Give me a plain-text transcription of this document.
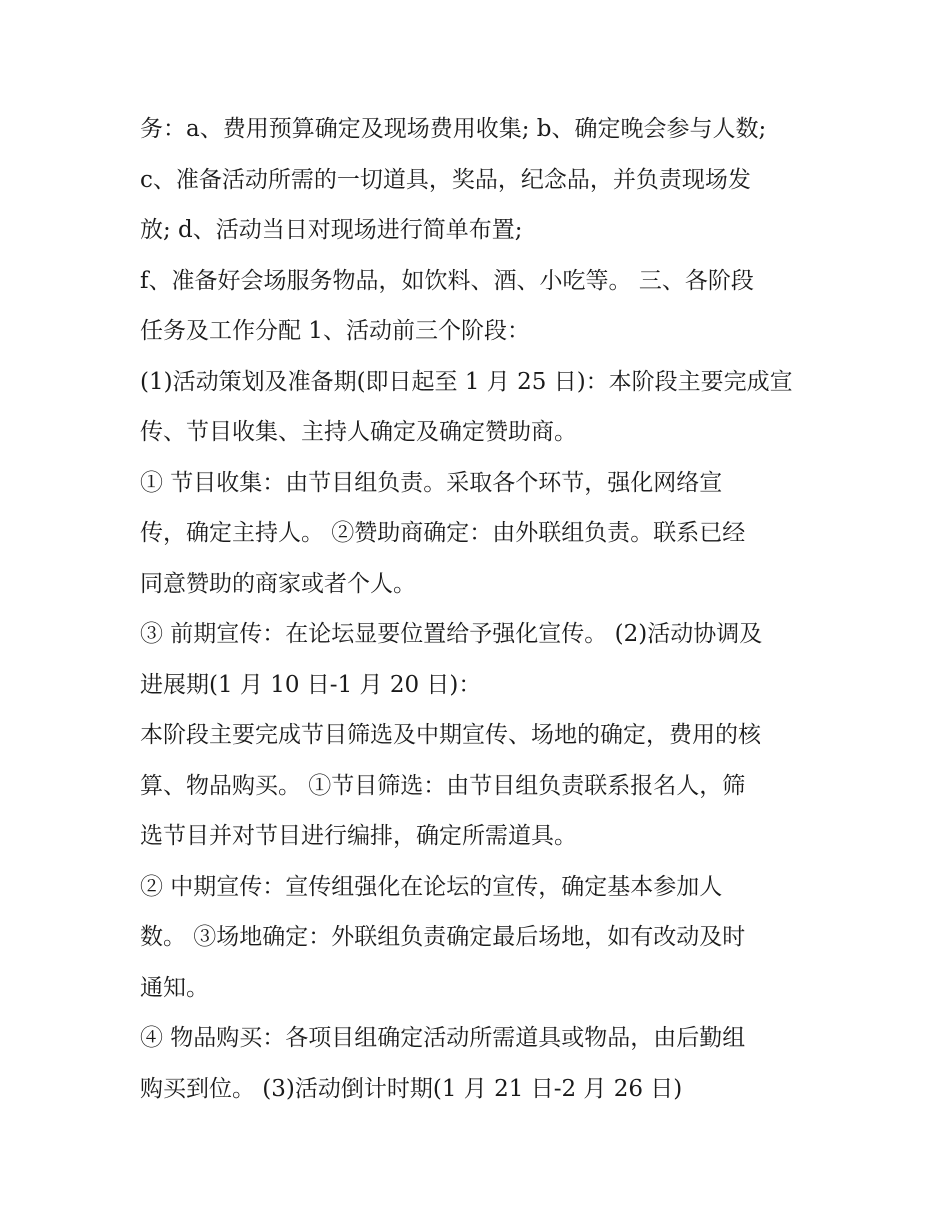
务：a、费用预算确定及现场费用收集; b、确定晚会参与人数;
c、准备活动所需的一切道具，奖品，纪念品，并负责现场发
放; d、活动当日对现场进行简单布置;
f、准备好会场服务物品，如饮料、酒、小吃等。 三、各阶段
任务及工作分配 1、活动前三个阶段：
(1)活动策划及准备期(即日起至 1 月 25 日)：本阶段主要完成宣
传、节目收集、主持人确定及确定赞助商。
① 节目收集：由节目组负责。采取各个环节，强化网络宣
传，确定主持人。 ②赞助商确定：由外联组负责。联系已经
同意赞助的商家或者个人。
③ 前期宣传：在论坛显要位置给予强化宣传。 (2)活动协调及
进展期(1 月 10 日-1 月 20 日)：
本阶段主要完成节目筛选及中期宣传、场地的确定，费用的核
算、物品购买。 ①节目筛选：由节目组负责联系报名人，筛
选节目并对节目进行编排，确定所需道具。
② 中期宣传：宣传组强化在论坛的宣传，确定基本参加人
数。 ③场地确定：外联组负责确定最后场地，如有改动及时
通知。
④ 物品购买：各项目组确定活动所需道具或物品，由后勤组
购买到位。 (3)活动倒计时期(1 月 21 日-2 月 26 日)
